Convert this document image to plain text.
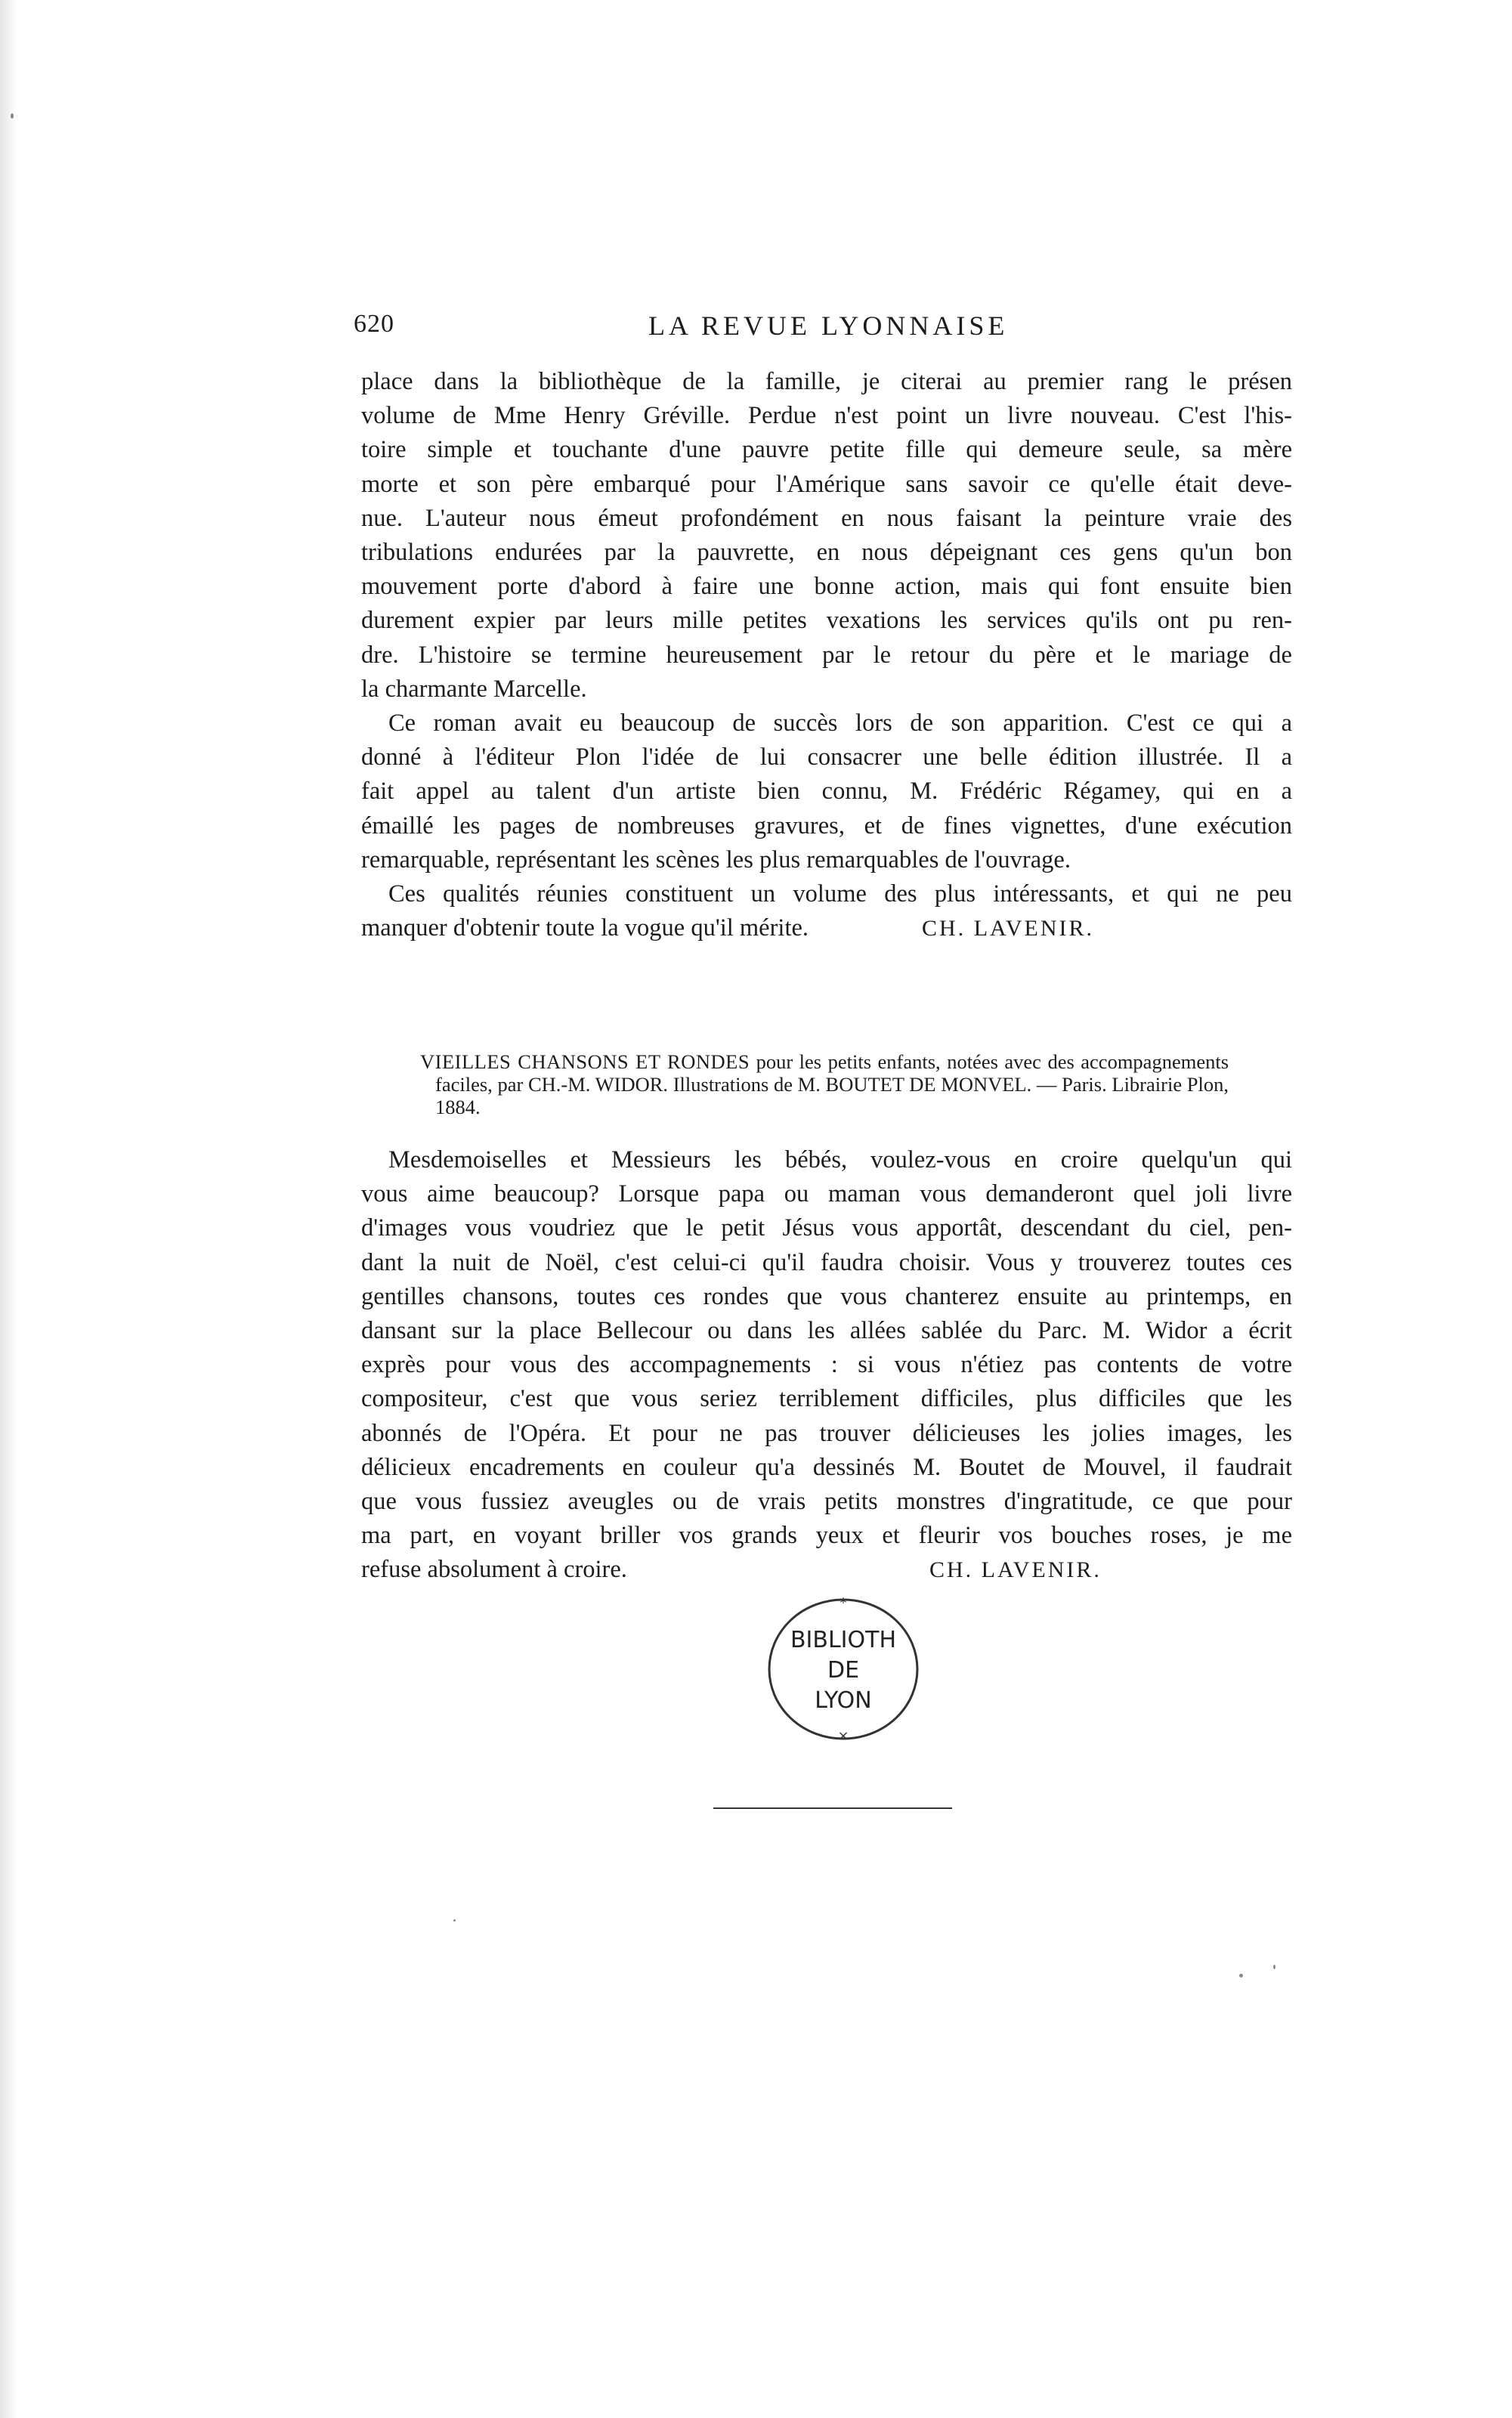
620	LA REVUE LYONNAISE

place dans la bibliothèque de la famille, je citerai au premier rang le présen

volume de Mme Henry Gréville. Perdue n'est point un livre nouveau. C'est l'his-

toire simple et touchante d'une pauvre petite fille qui demeure seule, sa mère

morte et son père embarqué pour l'Amérique sans savoir ce qu'elle était deve-

nue. L'auteur nous émeut profondément en nous faisant la peinture vraie des

tribulations endurées par la pauvrette, en nous dépeignant ces gens qu'un bon

mouvement porte d'abord à faire une bonne action, mais qui font ensuite bien

durement expier par leurs mille petites vexations les services qu'ils ont pu ren-

dre. L'histoire se termine heureusement par le retour du père et le mariage de

la charmante Marcelle.

Ce roman avait eu beaucoup de succès lors de son apparition. C'est ce qui a

donné à l'éditeur Plon l'idée de lui consacrer une belle édition illustrée. Il a

fait appel au talent d'un artiste bien connu, M. Frédéric Régamey, qui en a

émaillé les pages de nombreuses gravures, et de fines vignettes, d'une exécution

remarquable, représentant les scènes les plus remarquables de l'ouvrage.

Ces qualités réunies constituent un volume des plus intéressants, et qui ne peu

manquer d'obtenir toute la vogue qu'il mérite.	CH. LAVENIR.

VIEILLES CHANSONS ET RONDES pour les petits enfants, notées avec des accompagnements faciles, par CH.-M. WIDOR. Illustrations de M. BOUTET DE MONVEL. — Paris. Librairie Plon, 1884.

Mesdemoiselles et Messieurs les bébés, voulez-vous en croire quelqu'un qui

vous aime beaucoup? Lorsque papa ou maman vous demanderont quel joli livre

d'images vous voudriez que le petit Jésus vous apportât, descendant du ciel, pen-

dant la nuit de Noël, c'est celui-ci qu'il faudra choisir. Vous y trouverez toutes ces

gentilles chansons, toutes ces rondes que vous chanterez ensuite au printemps, en

dansant sur la place Bellecour ou dans les allées sablée du Parc. M. Widor a écrit

exprès pour vous des accompagnements : si vous n'étiez pas contents de votre

compositeur, c'est que vous seriez terriblement difficiles, plus difficiles que les

abonnés de l'Opéra. Et pour ne pas trouver délicieuses les jolies images, les

délicieux encadrements en couleur qu'a dessinés M. Boutet de Mouvel, il faudrait

que vous fussiez aveugles ou de vrais petits monstres d'ingratitude, ce que pour

ma part, en voyant briller vos grands yeux et fleurir vos bouches roses, je me

refuse absolument à croire.	CH. LAVENIR.

*
×
BIBLIOTH
DE
LYON
